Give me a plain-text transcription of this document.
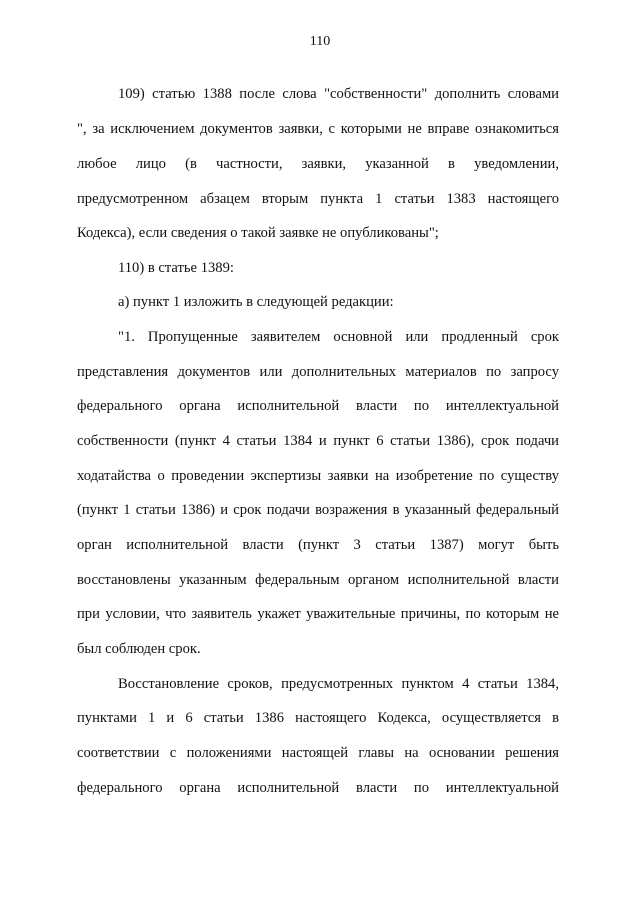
110
109) статью 1388 после слова "собственности" дополнить словами
", за исключением документов заявки, с которыми не вправе ознакомиться
любое лицо (в частности, заявки, указанной в уведомлении,
предусмотренном абзацем вторым пункта 1 статьи 1383 настоящего
Кодекса), если сведения о такой заявке не опубликованы";
110) в статье 1389:
а) пункт 1 изложить в следующей редакции:
"1. Пропущенные заявителем основной или продленный срок
представления документов или дополнительных материалов по запросу
федерального органа исполнительной власти по интеллектуальной
собственности (пункт 4 статьи 1384 и пункт 6 статьи 1386), срок подачи
ходатайства о проведении экспертизы заявки на изобретение по существу
(пункт 1 статьи 1386) и срок подачи возражения в указанный федеральный
орган исполнительной власти (пункт 3 статьи 1387) могут быть
восстановлены указанным федеральным органом исполнительной власти
при условии, что заявитель укажет уважительные причины, по которым не
был соблюден срок.
Восстановление сроков, предусмотренных пунктом 4 статьи 1384,
пунктами 1 и 6 статьи 1386 настоящего Кодекса, осуществляется в
соответствии с положениями настоящей главы на основании решения
федерального органа исполнительной власти по интеллектуальной
